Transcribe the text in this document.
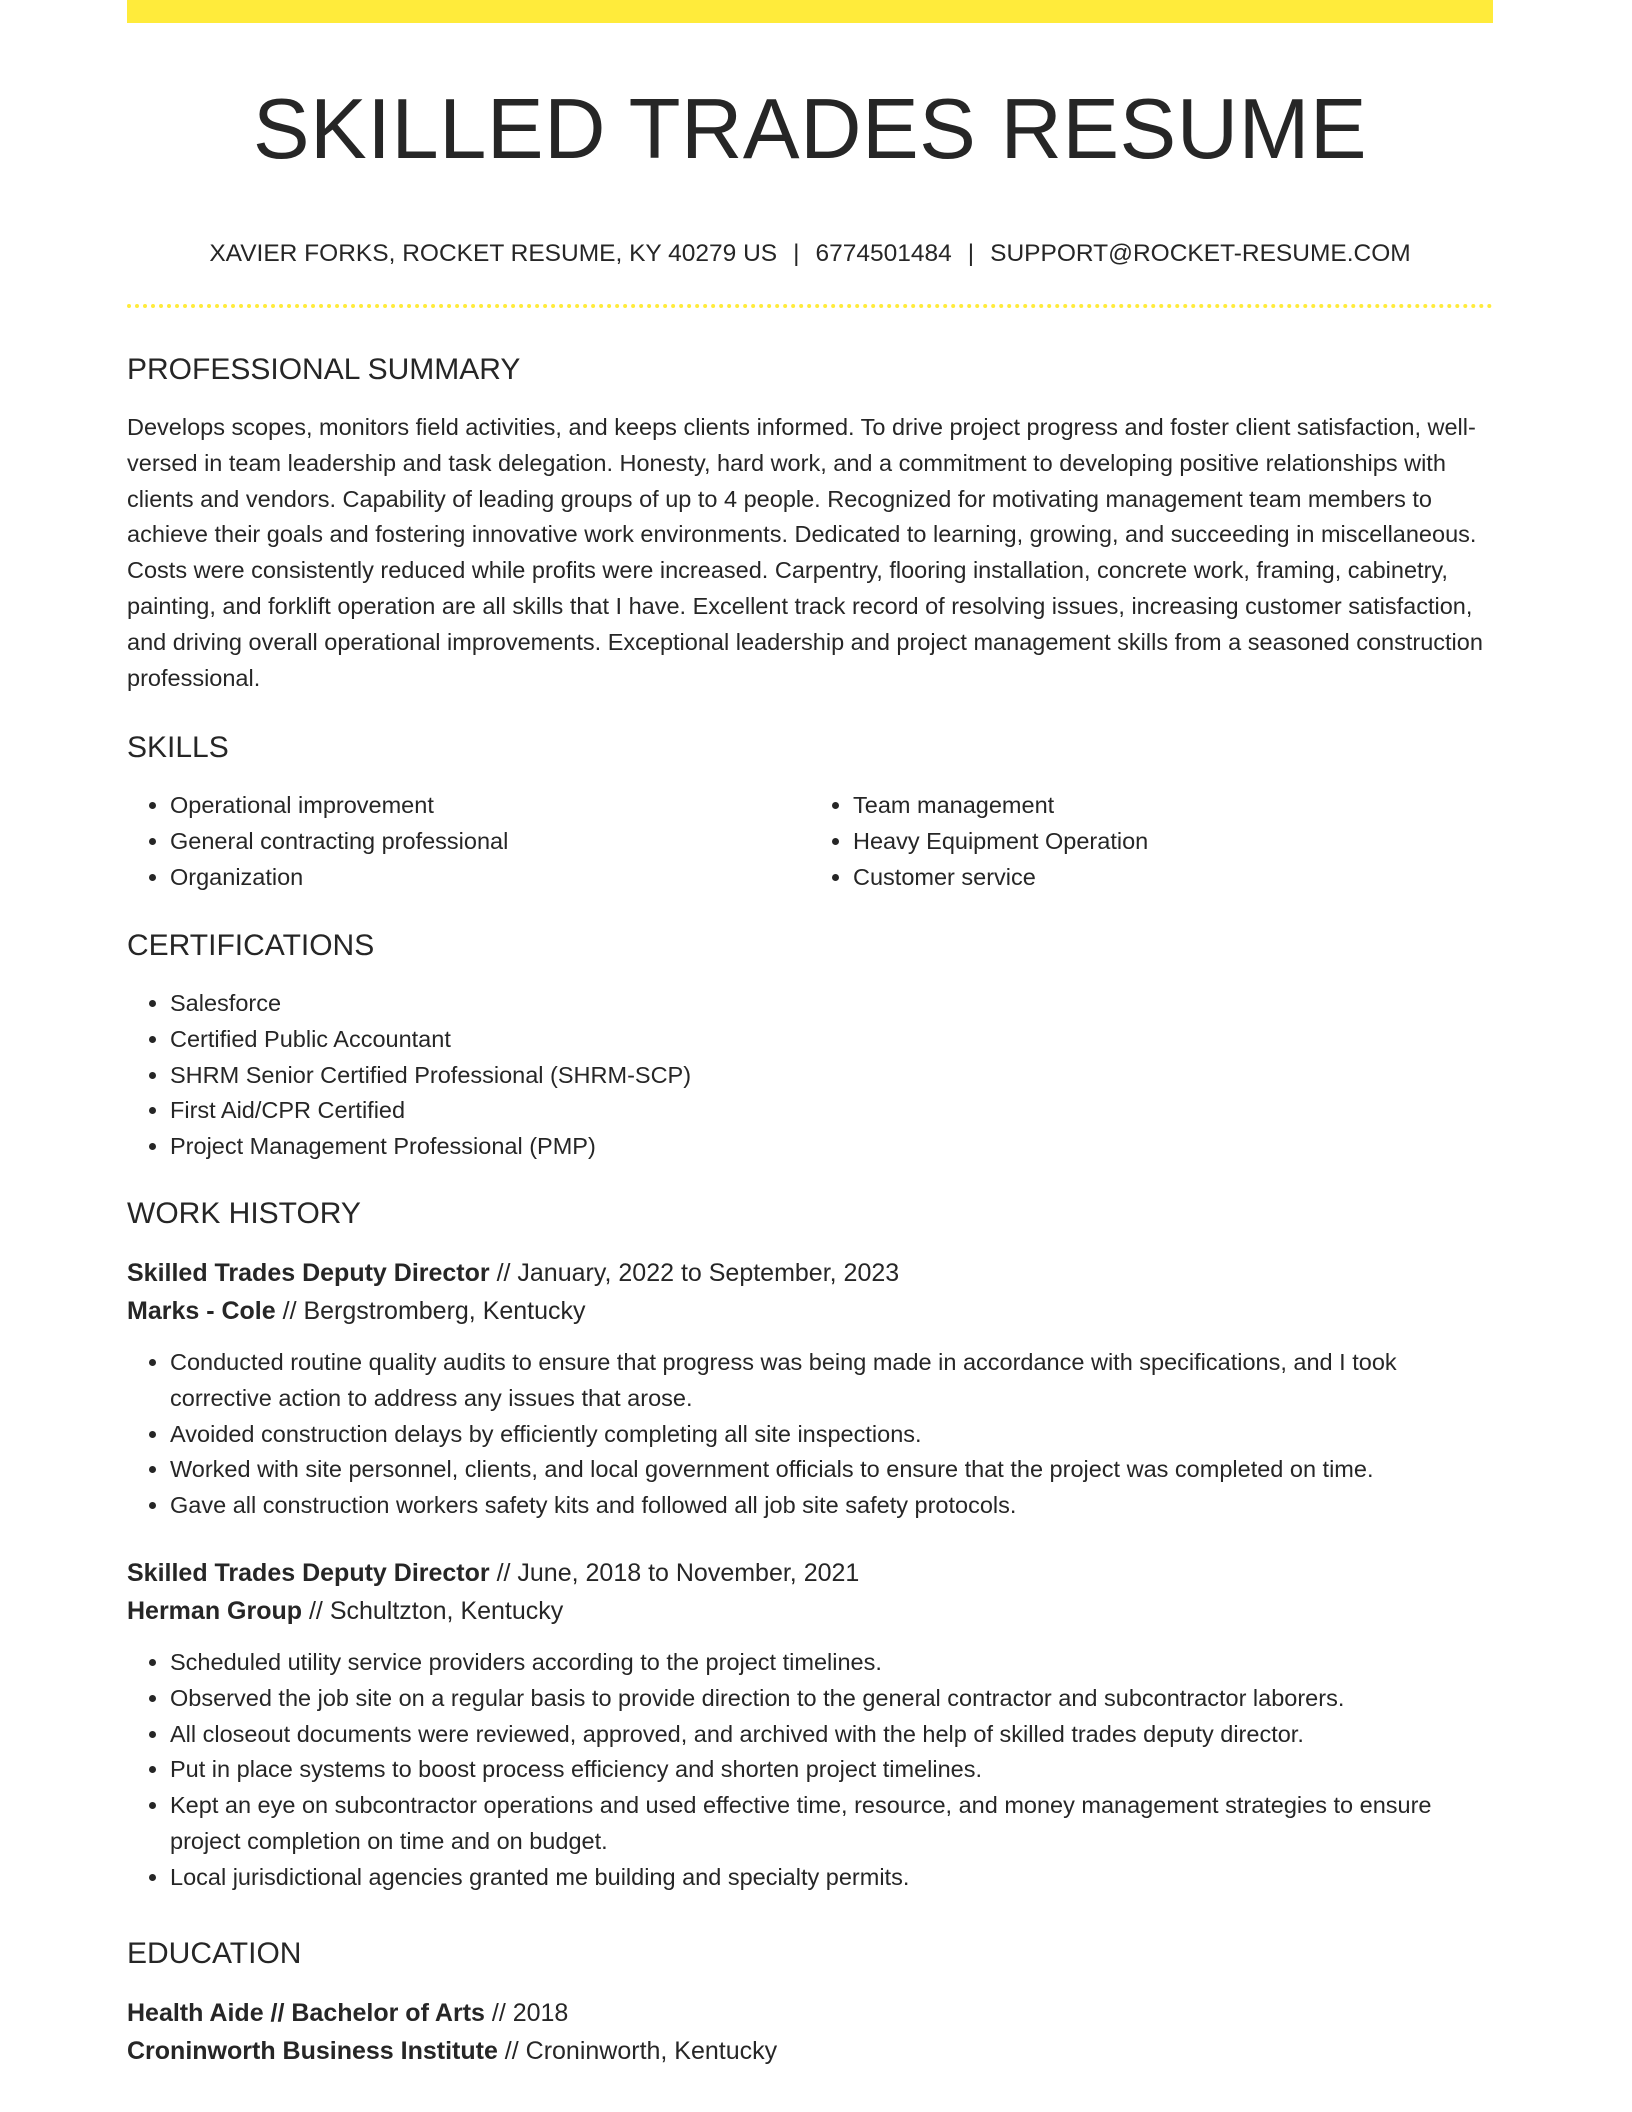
SKILLED TRADES RESUME
XAVIER FORKS, ROCKET RESUME, KY 40279 US | 6774501484 | SUPPORT@ROCKET-RESUME.COM
PROFESSIONAL SUMMARY

Develops scopes, monitors field activities, and keeps clients informed. To drive project progress and foster client satisfaction, well-versed in team leadership and task delegation. Honesty, hard work, and a commitment to developing positive relationships with clients and vendors. Capability of leading groups of up to 4 people. Recognized for motivating management team members to achieve their goals and fostering innovative work environments. Dedicated to learning, growing, and succeeding in miscellaneous. Costs were consistently reduced while profits were increased. Carpentry, flooring installation, concrete work, framing, cabinetry, painting, and forklift operation are all skills that I have. Excellent track record of resolving issues, increasing customer satisfaction, and driving overall operational improvements. Exceptional leadership and project management skills from a seasoned construction professional.

SKILLS
• Operational improvement
• General contracting professional
• Organization
• Team management
• Heavy Equipment Operation
• Customer service
CERTIFICATIONS
• Salesforce
• Certified Public Accountant
• SHRM Senior Certified Professional (SHRM-SCP)
• First Aid/CPR Certified
• Project Management Professional (PMP)
WORK HISTORY

Skilled Trades Deputy Director // January, 2022 to September, 2023

Marks - Cole // Bergstromberg, Kentucky

• Conducted routine quality audits to ensure that progress was being made in accordance with specifications, and I took corrective action to address any issues that arose.
• Avoided construction delays by efficiently completing all site inspections.
• Worked with site personnel, clients, and local government officials to ensure that the project was completed on time.
• Gave all construction workers safety kits and followed all job site safety protocols.

Skilled Trades Deputy Director // June, 2018 to November, 2021

Herman Group // Schultzton, Kentucky

• Scheduled utility service providers according to the project timelines.
• Observed the job site on a regular basis to provide direction to the general contractor and subcontractor laborers.
• All closeout documents were reviewed, approved, and archived with the help of skilled trades deputy director.
• Put in place systems to boost process efficiency and shorten project timelines.
• Kept an eye on subcontractor operations and used effective time, resource, and money management strategies to ensure project completion on time and on budget.
• Local jurisdictional agencies granted me building and specialty permits.
EDUCATION

Health Aide // Bachelor of Arts // 2018

Croninworth Business Institute // Croninworth, Kentucky
